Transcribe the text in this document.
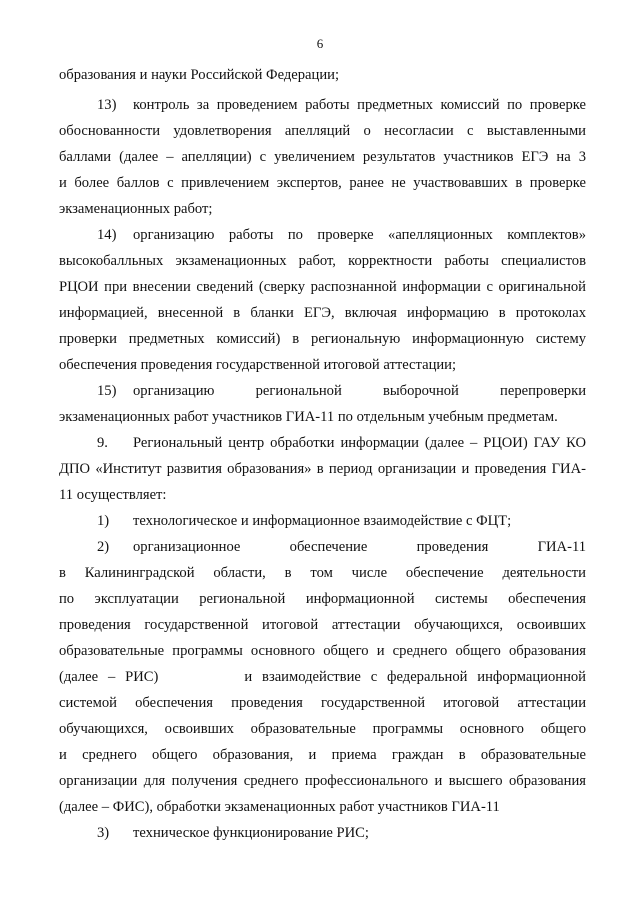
6
образования и науки Российской Федерации;
13) контроль за проведением работы предметных комиссий по проверке
обоснованности удовлетворения апелляций о несогласии с выставленными
баллами (далее – апелляции) с увеличением результатов участников ЕГЭ на 3
и более баллов с привлечением экспертов, ранее не участвовавших в проверке
экзаменационных работ;
14) организацию работы по проверке «апелляционных комплектов»
высокобалльных экзаменационных работ, корректности работы специалистов
РЦОИ при внесении сведений (сверку распознанной информации с оригинальной
информацией, внесенной в бланки ЕГЭ, включая информацию в протоколах
проверки предметных комиссий) в региональную информационную систему
обеспечения проведения государственной итоговой аттестации;
15) организацию региональной выборочной перепроверки
экзаменационных работ участников ГИА-11 по отдельным учебным предметам.
9. Региональный центр обработки информации (далее – РЦОИ) ГАУ КО
ДПО «Институт развития образования» в период организации и проведения ГИА-
11 осуществляет:
1) технологическое и информационное взаимодействие с ФЦТ;
2) организационное обеспечение проведения ГИА-11
в Калининградской области, в том числе обеспечение деятельности
по эксплуатации региональной информационной системы обеспечения
проведения государственной итоговой аттестации обучающихся, освоивших
образовательные программы основного общего и среднего общего образования
(далее – РИС)	и взаимодействие с федеральной информационной
системой обеспечения проведения государственной итоговой аттестации
обучающихся, освоивших образовательные программы основного общего
и среднего общего образования, и приема граждан в образовательные
организации для получения среднего профессионального и высшего образования
(далее – ФИС), обработки экзаменационных работ участников ГИА-11
3) техническое функционирование РИС;
